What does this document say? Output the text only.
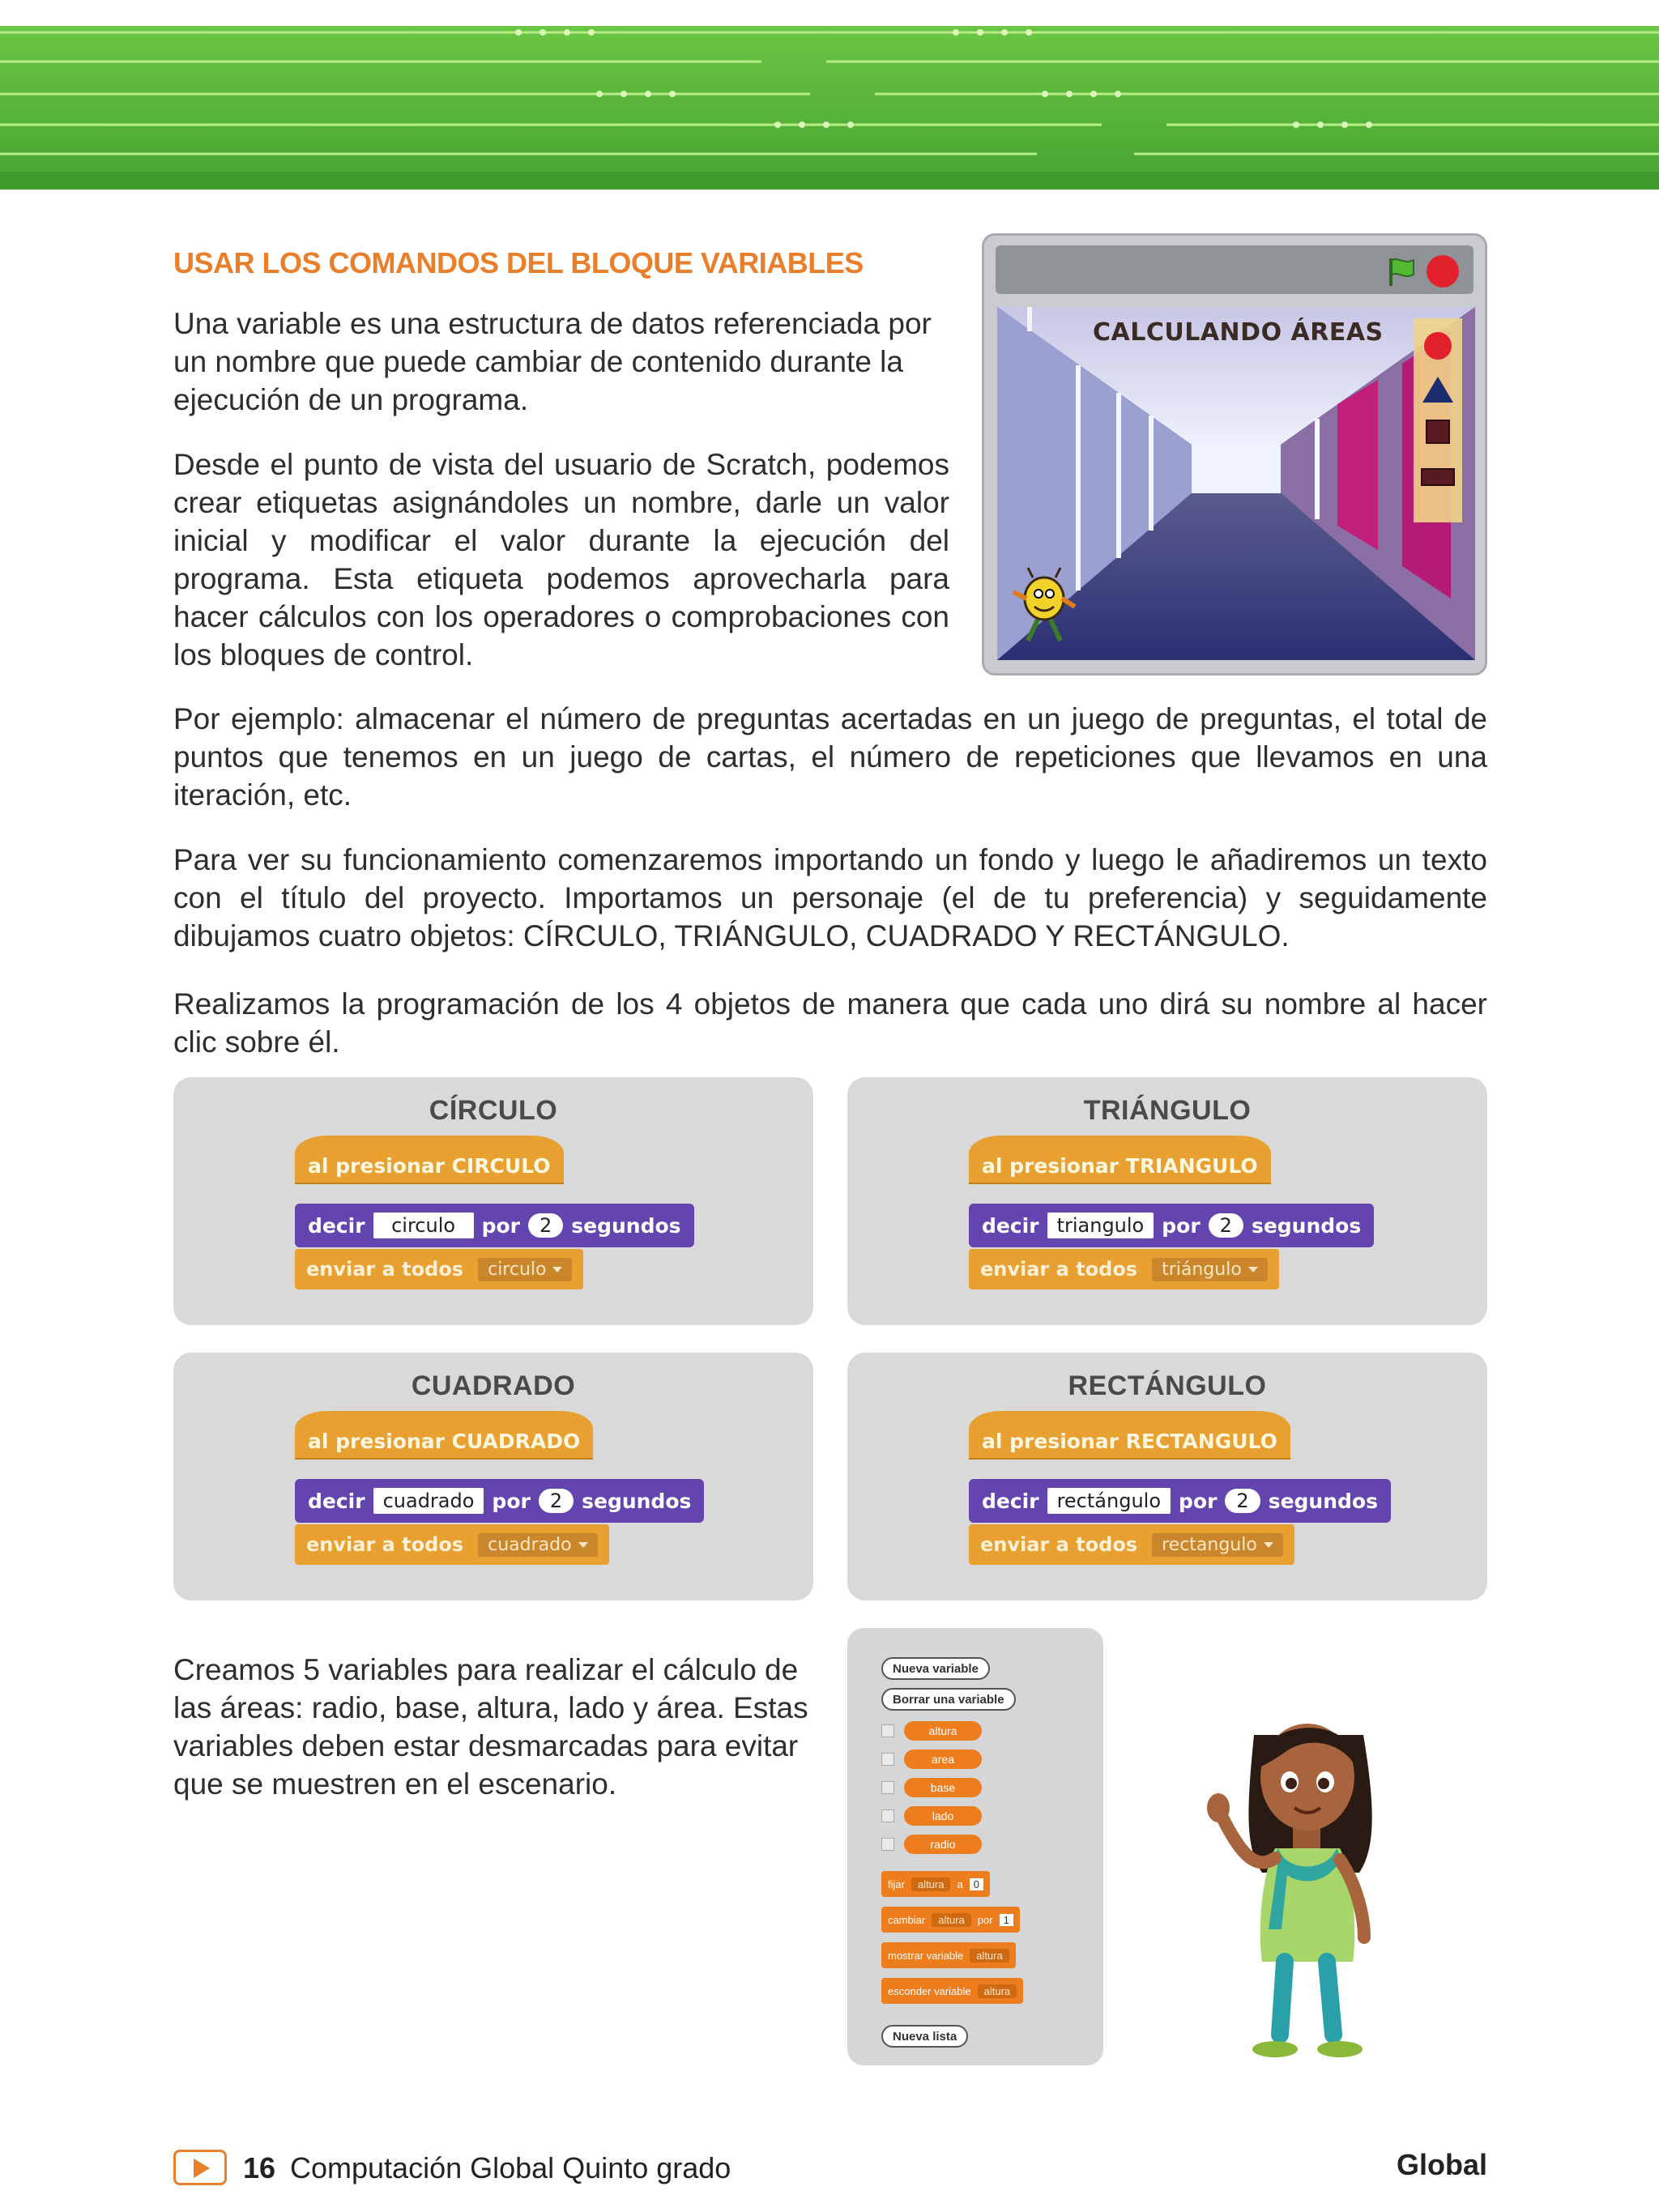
USAR LOS COMANDOS DEL BLOQUE VARIABLES

Una variable es una estructura de datos referenciada por un nombre que puede cambiar de contenido durante la ejecución de un programa.

Desde el punto de vista del usuario de Scratch, podemos crear etiquetas asignándoles un nombre, darle un valor inicial y modificar el valor durante la ejecución del programa. Esta etiqueta podemos aprovecharla para hacer cálculos con los operadores o comprobaciones con los bloques de control.

CALCULANDO ÁREAS

Por ejemplo: almacenar el número de preguntas acertadas en un juego de preguntas, el total de puntos que tenemos en un juego de cartas, el número de repeticiones que llevamos en una iteración, etc.

Para ver su funcionamiento comenzaremos importando un fondo y luego le añadiremos un texto con el título del proyecto. Importamos un personaje (el de tu preferencia) y seguidamente dibujamos cuatro objetos: CÍRCULO, TRIÁNGULO, CUADRADO Y RECTÁNGULO.

Realizamos la programación de los 4 objetos de manera que cada uno dirá su nombre al hacer clic sobre él.

CÍRCULO
al presionar CIRCULO
decir	circulo	por	2 segundos
enviar a todos	circulo
TRIÁNGULO
al presionar TRIANGULO
decir triangulo por	2 segundos
enviar a todos	triángulo
CUADRADO
al presionar CUADRADO
decir cuadrado por	2 segundos
enviar a todos	cuadrado
RECTÁNGULO
al presionar RECTANGULO
decir rectángulo por	2 segundos
enviar a todos	rectangulo

Creamos 5 variables para realizar el cálculo de las áreas: radio, base, altura, lado y área. Estas variables deben estar desmarcadas para evitar que se muestren en el escenario.

Nueva variable
Borrar una variable
altura
area
base
lado
radio
fijar	altura	a	0
cambiar	altura	por	1
mostrar variable	altura
esconder variable	altura
Nueva lista
16 Computación Global Quinto grado	Global
